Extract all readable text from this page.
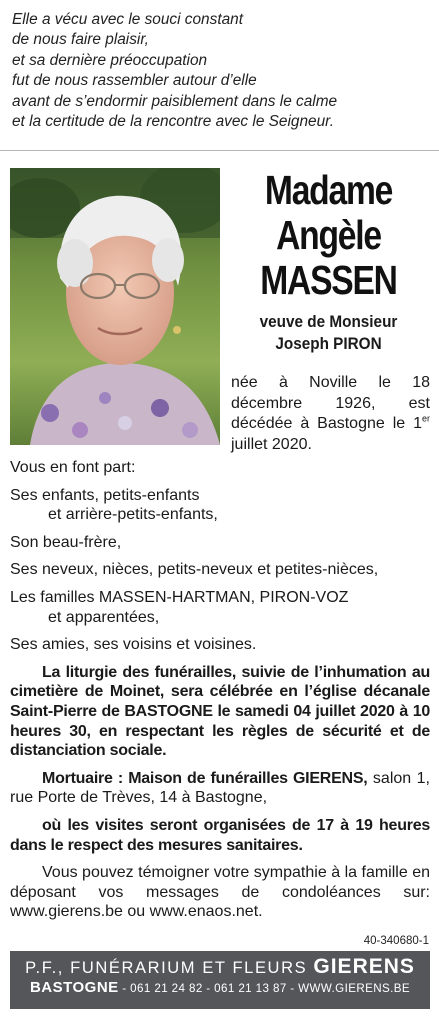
Elle a vécu avec le souci constant
de nous faire plaisir,
et sa dernière préoccupation
fut de nous rassembler autour d’elle
avant de s’endormir paisiblement dans le calme
et la certitude de la rencontre avec le Seigneur.
Madame
Angèle
MASSEN
veuve de Monsieur
Joseph PIRON
née à Noville le 18 décembre 1926, est décédée à Bastogne le 1er juillet 2020.

Vous en font part:

Ses enfants, petits-enfants

et arrière-petits-enfants,

Son beau-frère,

Ses neveux, nièces, petits-neveux et petites-nièces,

Les familles MASSEN-HARTMAN, PIRON-VOZ

et apparentées,

Ses amies, ses voisins et voisines.

La liturgie des funérailles, suivie de l’inhumation au cimetière de Moinet, sera célébrée en l’église décanale Saint-Pierre de BASTOGNE le samedi 04 juillet 2020 à 10 heures 30, en respectant les règles de sécurité et de distanciation sociale.

Mortuaire : Maison de funérailles GIERENS, salon 1, rue Porte de Trèves, 14 à Bastogne,

où les visites seront organisées de 17 à 19 heures dans le respect des mesures sanitaires.

Vous pouvez témoigner votre sympathie à la famille en déposant vos messages de condoléances sur: www.gierens.be ou www.enaos.net.

40-340680-1
P.F., FUNÉRARIUM ET FLEURS GIERENS
BASTOGNE - 061 21 24 82 - 061 21 13 87 - WWW.GIERENS.BE
